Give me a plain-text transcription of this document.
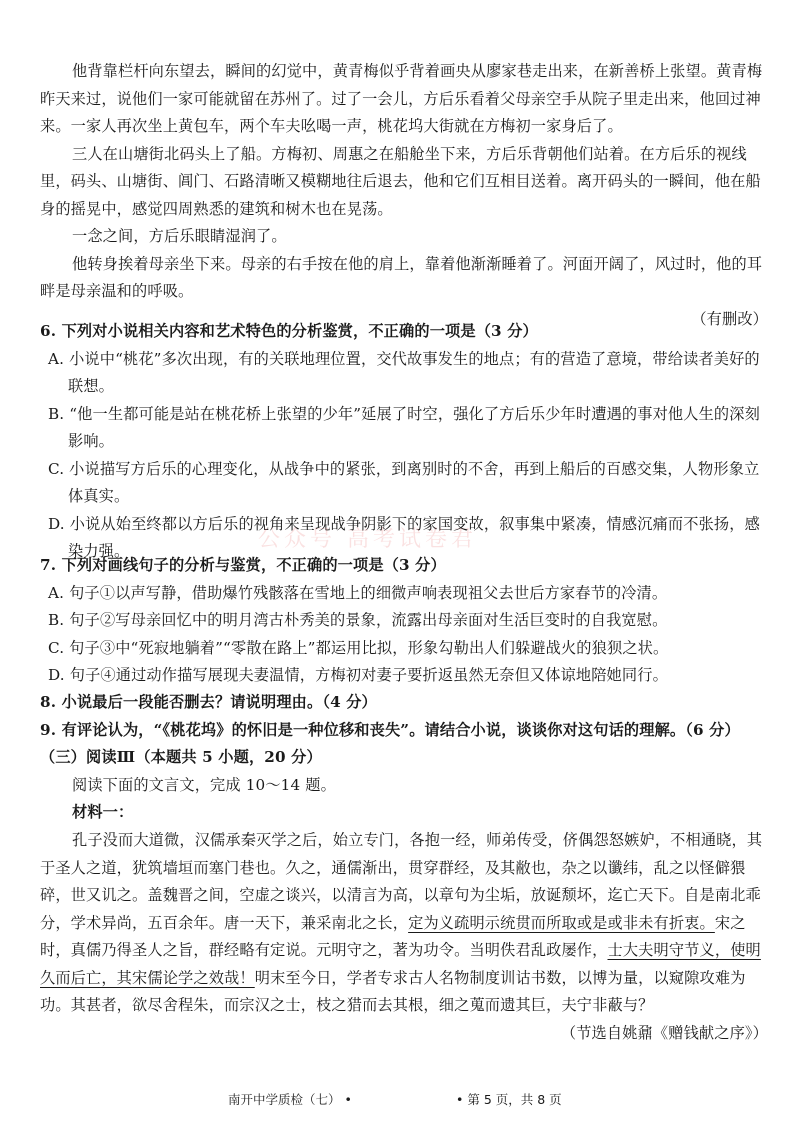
他背靠栏杆向东望去，瞬间的幻觉中，黄青梅似乎背着画央从廖家巷走出来，在新善桥上张望。黄青梅昨天来过，说他们一家可能就留在苏州了。过了一会儿，方后乐看着父母亲空手从院子里走出来，他回过神来。一家人再次坐上黄包车，两个车夫吆喝一声，桃花坞大街就在方梅初一家身后了。

三人在山塘街北码头上了船。方梅初、周惠之在船舱坐下来，方后乐背朝他们站着。在方后乐的视线里，码头、山塘街、阊门、石路清晰又模糊地往后退去，他和它们互相目送着。离开码头的一瞬间，他在船身的摇晃中，感觉四周熟悉的建筑和树木也在晃荡。

一念之间，方后乐眼睛湿润了。

他转身挨着母亲坐下来。母亲的右手按在他的肩上，靠着他渐渐睡着了。河面开阔了，风过时，他的耳畔是母亲温和的呼吸。

（有删改）

6. 下列对小说相关内容和艺术特色的分析鉴赏，不正确的一项是（3 分）

A. 小说中“桃花”多次出现，有的关联地理位置，交代故事发生的地点；有的营造了意境，带给读者美好的联想。

B. “他一生都可能是站在桃花桥上张望的少年”延展了时空，强化了方后乐少年时遭遇的事对他人生的深刻影响。

C. 小说描写方后乐的心理变化，从战争中的紧张，到离别时的不舍，再到上船后的百感交集，人物形象立体真实。

D. 小说从始至终都以方后乐的视角来呈现战争阴影下的家国变故，叙事集中紧凑，情感沉痛而不张扬，感染力强。	公众号 高考试卷君

7. 下列对画线句子的分析与鉴赏，不正确的一项是（3 分）

A. 句子①以声写静，借助爆竹残骸落在雪地上的细微声响表现祖父去世后方家春节的冷清。

B. 句子②写母亲回忆中的明月湾古朴秀美的景象，流露出母亲面对生活巨变时的自我宽慰。

C. 句子③中“死寂地躺着”“零散在路上”都运用比拟，形象勾勒出人们躲避战火的狼狈之状。

D. 句子④通过动作描写展现夫妻温情，方梅初对妻子要折返虽然无奈但又体谅地陪她同行。

8. 小说最后一段能否删去？请说明理由。（4 分）

9. 有评论认为，“《桃花坞》的怀旧是一种位移和丧失”。请结合小说，谈谈你对这句话的理解。（6 分）

（三）阅读Ⅲ（本题共 5 小题，20 分）

阅读下面的文言文，完成 10～14 题。

材料一：

孔子没而大道微，汉儒承秦灭学之后，始立专门，各抱一经，师弟传受，侪偶怨怒嫉妒，不相通晓，其于圣人之道，犹筑墙垣而塞门巷也。久之，通儒渐出，贯穿群经，及其敝也，杂之以谶纬，乱之以怪僻猥碎，世又讥之。盖魏晋之间，空虚之谈兴，以清言为高，以章句为尘垢，放诞颓坏，迄亡天下。自是南北乖分，学术异尚，五百余年。唐一天下，兼采南北之长，定为义疏明示统贯而所取或是或非未有折衷。宋之时，真儒乃得圣人之旨，群经略有定说。元明守之，著为功令。当明佚君乱政屡作，士大夫明守节义，使明久而后亡，其宋儒论学之效哉！明末至今日，学者专求古人名物制度训诂书数，以博为量，以窥隙攻难为功。其甚者，欲尽舍程朱，而宗汉之士，枝之猎而去其根，细之蒐而遗其巨，夫宁非蔽与？

（节选自姚鼐《赠钱献之序》）

南开中学质检（七） •	• 第 5 页，共 8 页
